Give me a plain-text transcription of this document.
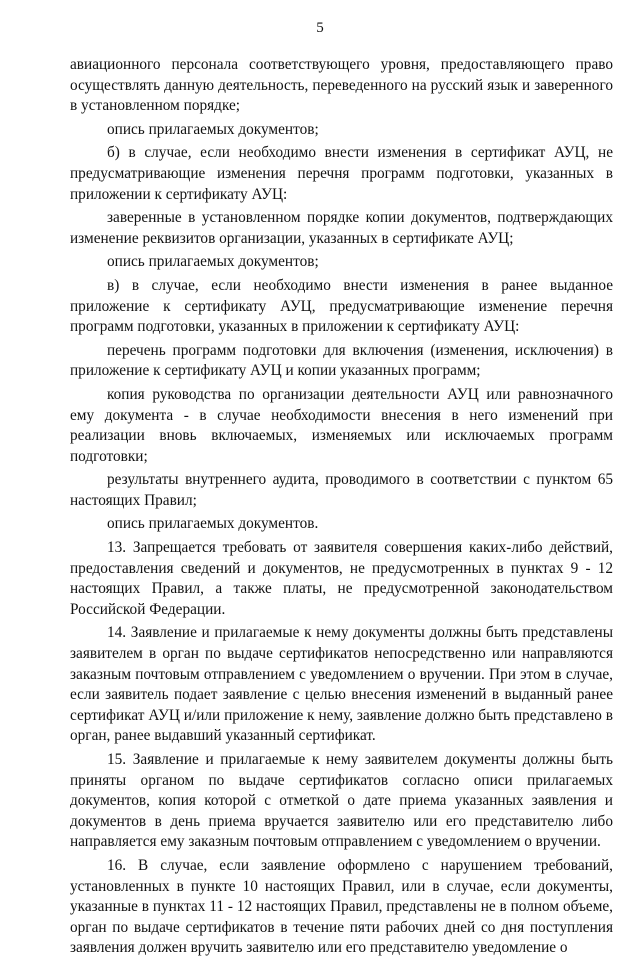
5

авиационного персонала соответствующего уровня, предоставляющего право осуществлять данную деятельность, переведенного на русский язык и заверенного в установленном порядке;

опись прилагаемых документов;

б) в случае, если необходимо внести изменения в сертификат АУЦ, не предусматривающие изменения перечня программ подготовки, указанных в приложении к сертификату АУЦ:

заверенные в установленном порядке копии документов, подтверждающих изменение реквизитов организации, указанных в сертификате АУЦ;

опись прилагаемых документов;

в) в случае, если необходимо внести изменения в ранее выданное приложение к сертификату АУЦ, предусматривающие изменение перечня программ подготовки, указанных в приложении к сертификату АУЦ:

перечень программ подготовки для включения (изменения, исключения) в приложение к сертификату АУЦ и копии указанных программ;

копия руководства по организации деятельности АУЦ или равнозначного ему документа - в случае необходимости внесения в него изменений при реализации вновь включаемых, изменяемых или исключаемых программ подготовки;

результаты внутреннего аудита, проводимого в соответствии с пунктом 65 настоящих Правил;

опись прилагаемых документов.

13. Запрещается требовать от заявителя совершения каких-либо действий, предоставления сведений и документов, не предусмотренных в пунктах 9 - 12 настоящих Правил, а также платы, не предусмотренной законодательством Российской Федерации.

14. Заявление и прилагаемые к нему документы должны быть представлены заявителем в орган по выдаче сертификатов непосредственно или направляются заказным почтовым отправлением с уведомлением о вручении. При этом в случае, если заявитель подает заявление с целью внесения изменений в выданный ранее сертификат АУЦ и/или приложение к нему, заявление должно быть представлено в орган, ранее выдавший указанный сертификат.

15. Заявление и прилагаемые к нему заявителем документы должны быть приняты органом по выдаче сертификатов согласно описи прилагаемых документов, копия которой с отметкой о дате приема указанных заявления и документов в день приема вручается заявителю или его представителю либо направляется ему заказным почтовым отправлением с уведомлением о вручении.

16. В случае, если заявление оформлено с нарушением требований, установленных в пункте 10 настоящих Правил, или в случае, если документы, указанные в пунктах 11 - 12 настоящих Правил, представлены не в полном объеме, орган по выдаче сертификатов в течение пяти рабочих дней со дня поступления заявления должен вручить заявителю или его представителю уведомление о
